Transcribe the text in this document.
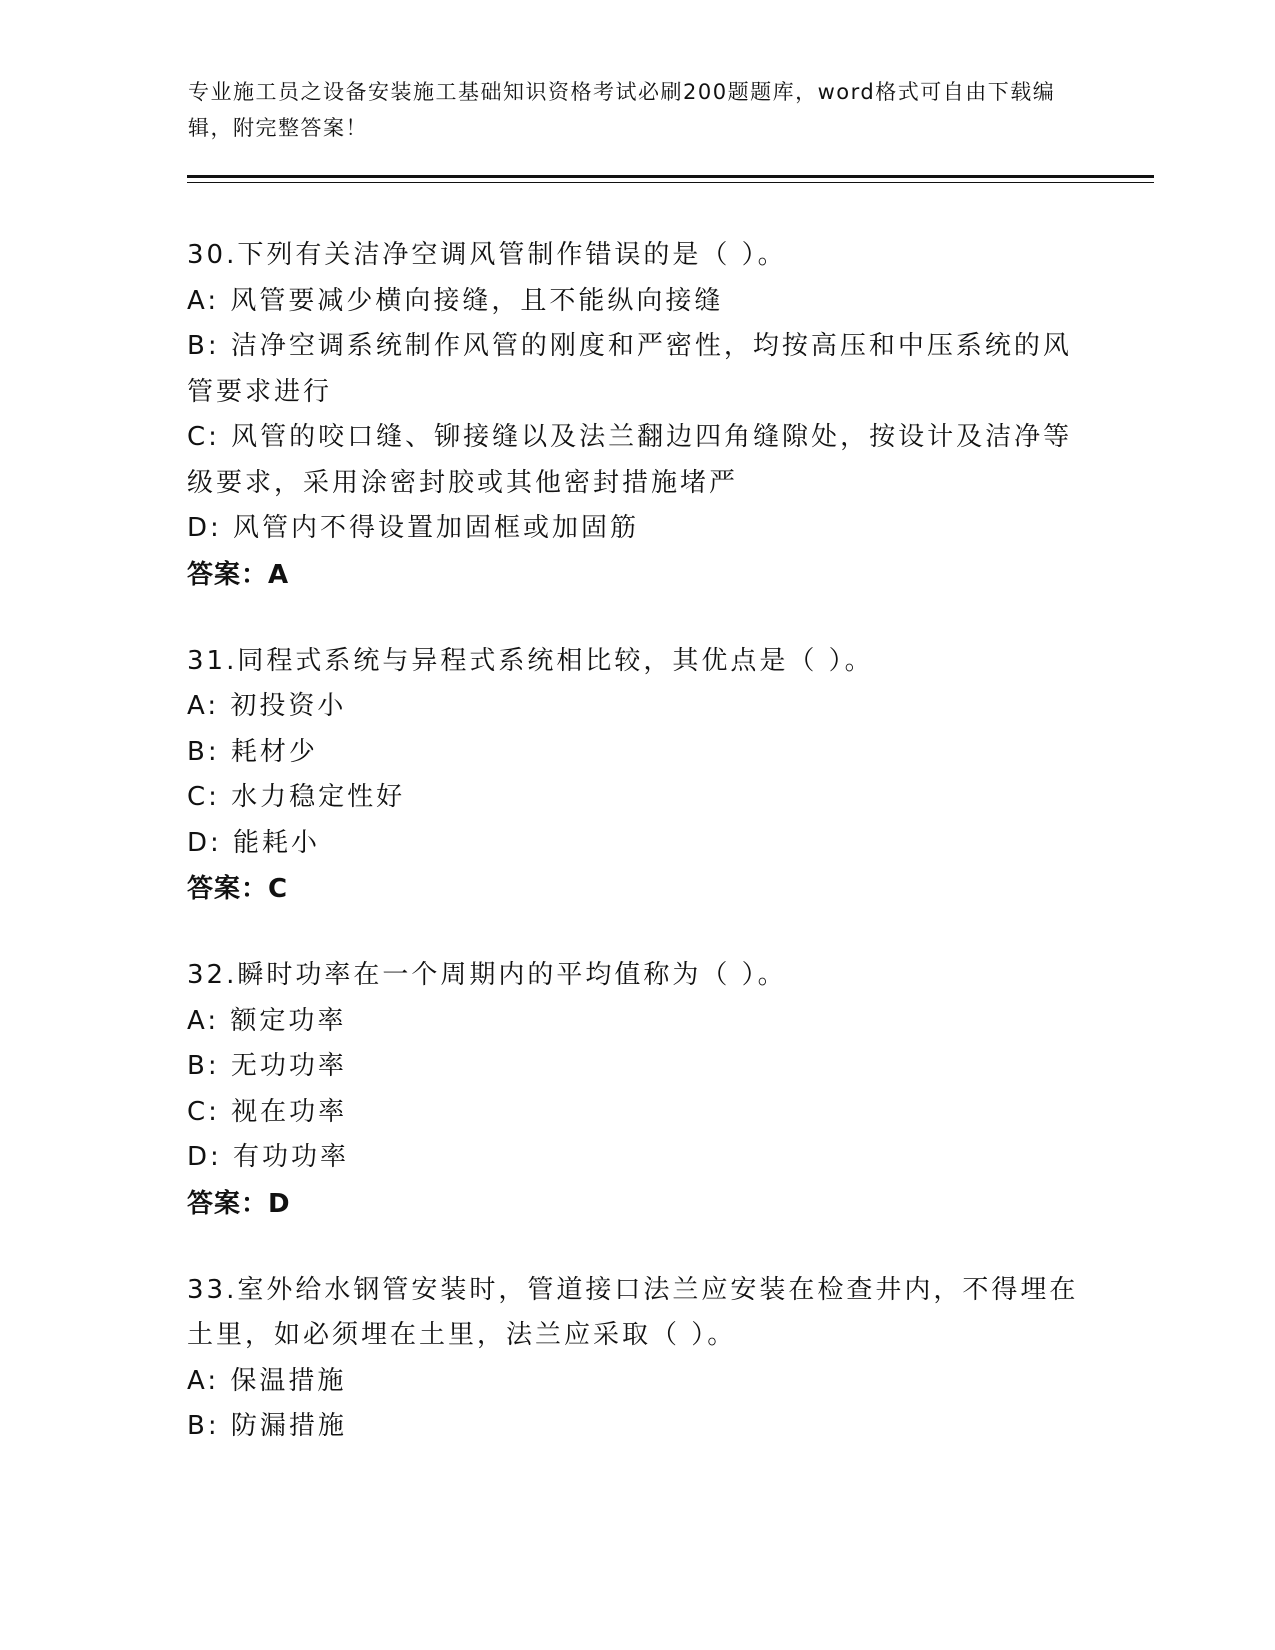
专业施工员之设备安装施工基础知识资格考试必刷200题题库，word格式可自由下载编辑，附完整答案！
30.下列有关洁净空调风管制作错误的是（ ）。
A: 风管要减少横向接缝，且不能纵向接缝
B: 洁净空调系统制作风管的刚度和严密性，均按高压和中压系统的风管要求进行
C: 风管的咬口缝、铆接缝以及法兰翻边四角缝隙处，按设计及洁净等级要求，采用涂密封胶或其他密封措施堵严
D: 风管内不得设置加固框或加固筋
答案：A
31.同程式系统与异程式系统相比较，其优点是（ ）。
A: 初投资小
B: 耗材少
C: 水力稳定性好
D: 能耗小
答案：C
32.瞬时功率在一个周期内的平均值称为（ ）。
A: 额定功率
B: 无功功率
C: 视在功率
D: 有功功率
答案：D
33.室外给水钢管安装时，管道接口法兰应安装在检查井内，不得埋在土里，如必须埋在土里，法兰应采取（ ）。
A: 保温措施
B: 防漏措施
